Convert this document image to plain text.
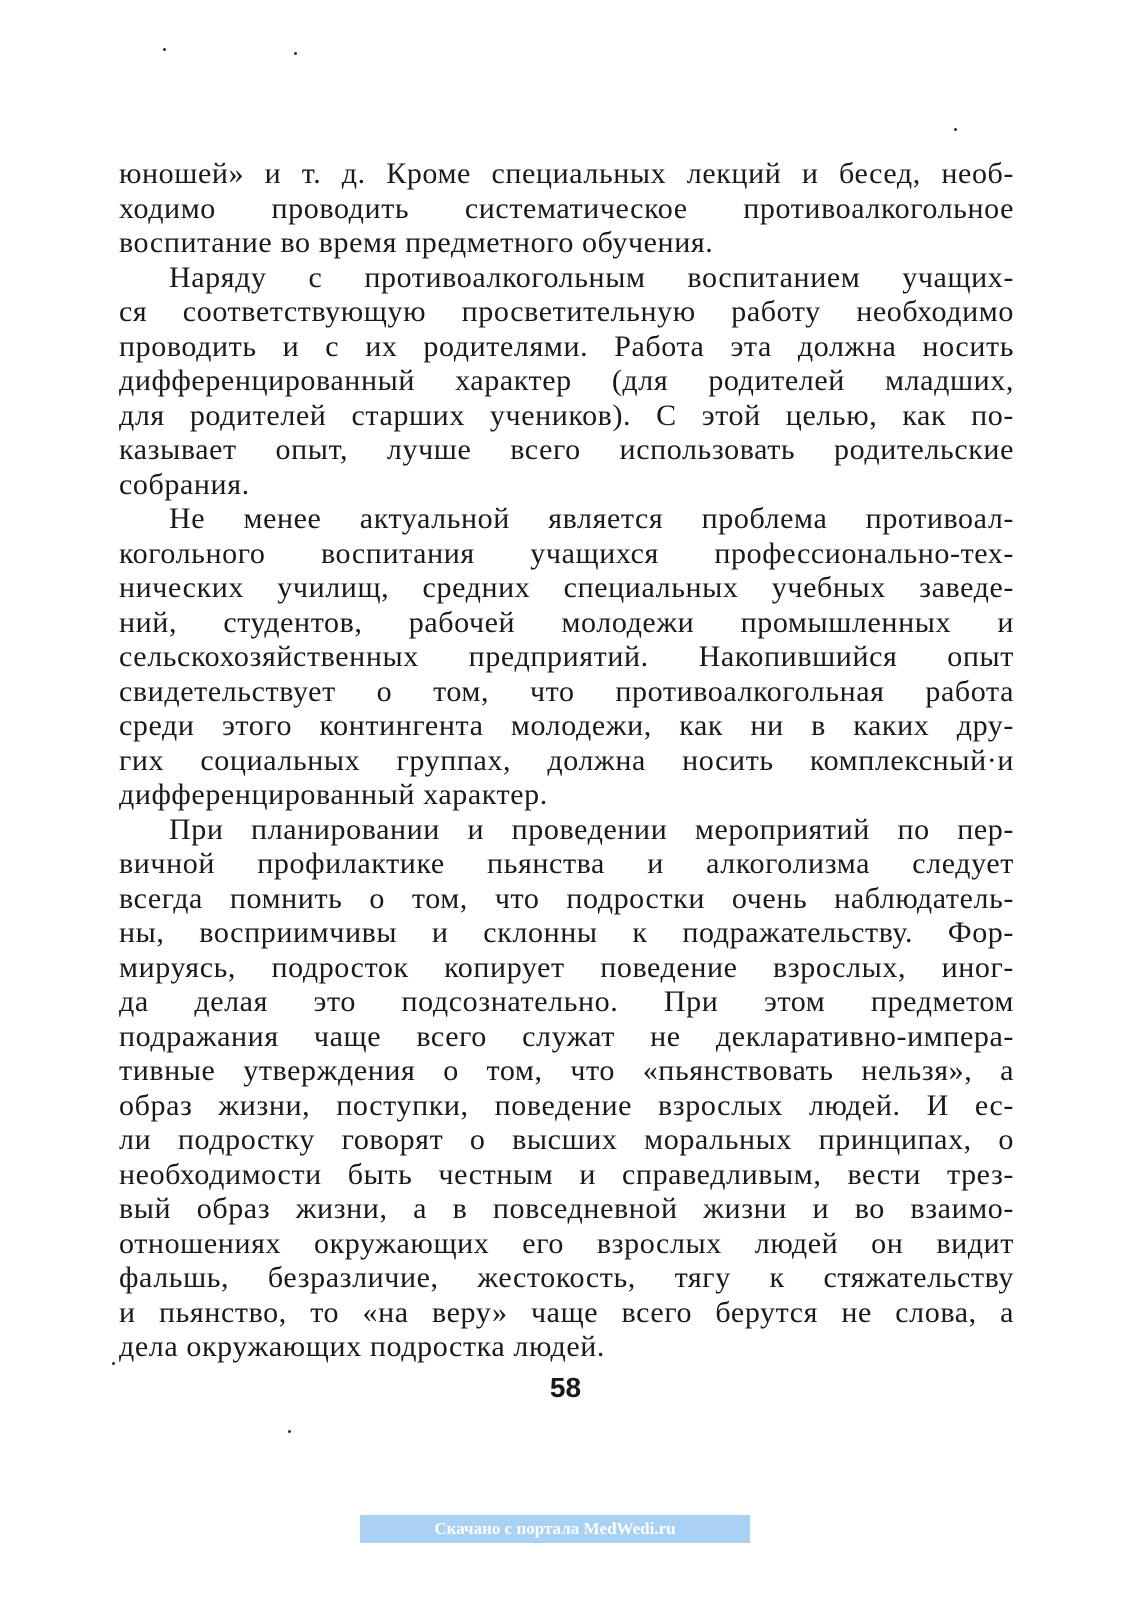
юношей» и т. д. Кроме специальных лекций и бесед, необ-
ходимо проводить систематическое противоалкогольное
воспитание во время предметного обучения.
Наряду с противоалкогольным воспитанием учащих-
ся соответствующую просветительную работу необходимо
проводить и с их родителями. Работа эта должна носить
дифференцированный характер (для родителей младших,
для родителей старших учеников). С этой целью, как по-
казывает опыт, лучше всего использовать родительские
собрания.
Не менее актуальной является проблема противоал-
когольного воспитания учащихся профессионально-тех-
нических училищ, средних специальных учебных заведе-
ний, студентов, рабочей молодежи промышленных и
сельскохозяйственных предприятий. Накопившийся опыт
свидетельствует о том, что противоалкогольная работа
среди этого контингента молодежи, как ни в каких дру-
гих социальных группах, должна носить комплексный·и
дифференцированный характер.
При планировании и проведении мероприятий по пер-
вичной профилактике пьянства и алкоголизма следует
всегда помнить о том, что подростки очень наблюдатель-
ны, восприимчивы и склонны к подражательству. Фор-
мируясь, подросток копирует поведение взрослых, иног-
да делая это подсознательно. При этом предметом
подражания чаще всего служат не декларативно-импера-
тивные утверждения о том, что «пьянствовать нельзя», а
образ жизни, поступки, поведение взрослых людей. И ес-
ли подростку говорят о высших моральных принципах, о
необходимости быть честным и справедливым, вести трез-
вый образ жизни, а в повседневной жизни и во взаимо-
отношениях окружающих его взрослых людей он видит
фальшь, безразличие, жестокость, тягу к стяжательству
и пьянство, то «на веру» чаще всего берутся не слова, а
дела окружающих подростка людей.
58
Скачано с портала MedWedi.ru
